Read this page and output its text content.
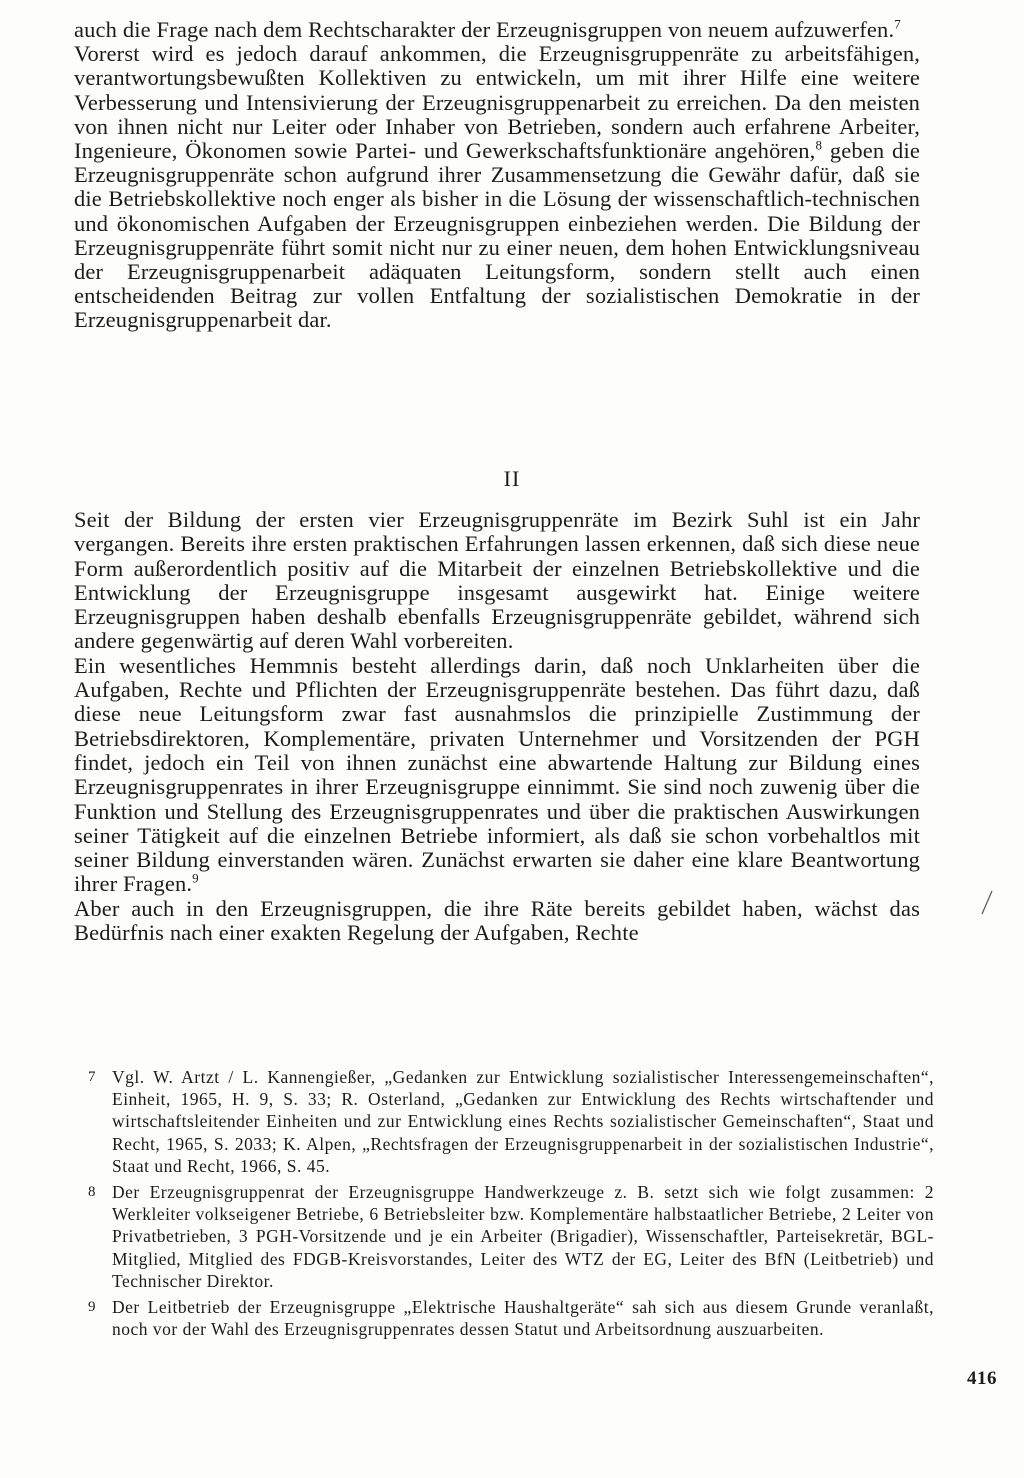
auch die Frage nach dem Rechtscharakter der Erzeugnisgruppen von neuem aufzuwerfen.$^7$

Vorerst wird es jedoch darauf ankommen, die Erzeugnisgruppenräte zu arbeitsfähigen, verantwortungsbewußten Kollektiven zu entwickeln, um mit ihrer Hilfe eine weitere Verbesserung und Intensivierung der Erzeugnisgruppenarbeit zu erreichen. Da den meisten von ihnen nicht nur Leiter oder Inhaber von Betrieben, sondern auch erfahrene Arbeiter, Ingenieure, Ökonomen sowie Partei- und Gewerkschaftsfunktionäre angehören,$^8$ geben die Erzeugnisgruppenräte schon aufgrund ihrer Zusammensetzung die Gewähr dafür, daß sie die Betriebskollektive noch enger als bisher in die Lösung der wissenschaftlich-technischen und ökonomischen Aufgaben der Erzeugnisgruppen einbeziehen werden. Die Bildung der Erzeugnisgruppenräte führt somit nicht nur zu einer neuen, dem hohen Entwicklungsniveau der Erzeugnisgruppenarbeit adäquaten Leitungsform, sondern stellt auch einen entscheidenden Beitrag zur vollen Entfaltung der sozialistischen Demokratie in der Erzeugnisgruppenarbeit dar.

II

Seit der Bildung der ersten vier Erzeugnisgruppenräte im Bezirk Suhl ist ein Jahr vergangen. Bereits ihre ersten praktischen Erfahrungen lassen erkennen, daß sich diese neue Form außerordentlich positiv auf die Mitarbeit der einzelnen Betriebskollektive und die Entwicklung der Erzeugnisgruppe insgesamt ausgewirkt hat. Einige weitere Erzeugnisgruppen haben deshalb ebenfalls Erzeugnisgruppenräte gebildet, während sich andere gegenwärtig auf deren Wahl vorbereiten.

Ein wesentliches Hemmnis besteht allerdings darin, daß noch Unklarheiten über die Aufgaben, Rechte und Pflichten der Erzeugnisgruppenräte bestehen. Das führt dazu, daß diese neue Leitungsform zwar fast ausnahmslos die prinzipielle Zustimmung der Betriebsdirektoren, Komplementäre, privaten Unternehmer und Vorsitzenden der PGH findet, jedoch ein Teil von ihnen zunächst eine abwartende Haltung zur Bildung eines Erzeugnisgruppenrates in ihrer Erzeugnisgruppe einnimmt. Sie sind noch zuwenig über die Funktion und Stellung des Erzeugnisgruppenrates und über die praktischen Auswirkungen seiner Tätigkeit auf die einzelnen Betriebe informiert, als daß sie schon vorbehaltlos mit seiner Bildung einverstanden wären. Zunächst erwarten sie daher eine klare Beantwortung ihrer Fragen.$^9$

Aber auch in den Erzeugnisgruppen, die ihre Räte bereits gebildet haben, wächst das Bedürfnis nach einer exakten Regelung der Aufgaben, Rechte

7 Vgl. W. Artzt / L. Kannengießer, „Gedanken zur Entwicklung sozialistischer Interessengemeinschaften“, Einheit, 1965, H. 9, S. 33; R. Osterland, „Gedanken zur Entwicklung des Rechts wirtschaftender und wirtschaftsleitender Einheiten und zur Entwicklung eines Rechts sozialistischer Gemeinschaften“, Staat und Recht, 1965, S. 2033; K. Alpen, „Rechtsfragen der Erzeugnisgruppenarbeit in der sozialistischen Industrie“, Staat und Recht, 1966, S. 45.
8 Der Erzeugnisgruppenrat der Erzeugnisgruppe Handwerkzeuge z. B. setzt sich wie folgt zusammen: 2 Werkleiter volkseigener Betriebe, 6 Betriebsleiter bzw. Komplementäre halbstaatlicher Betriebe, 2 Leiter von Privatbetrieben, 3 PGH-Vorsitzende und je ein Arbeiter (Brigadier), Wissenschaftler, Parteisekretär, BGL-Mitglied, Mitglied des FDGB-Kreisvorstandes, Leiter des WTZ der EG, Leiter des BfN (Leitbetrieb) und Technischer Direktor.
9 Der Leitbetrieb der Erzeugnisgruppe „Elektrische Haushaltgeräte“ sah sich aus diesem Grunde veranlaßt, noch vor der Wahl des Erzeugnisgruppenrates dessen Statut und Arbeitsordnung auszuarbeiten.
416
